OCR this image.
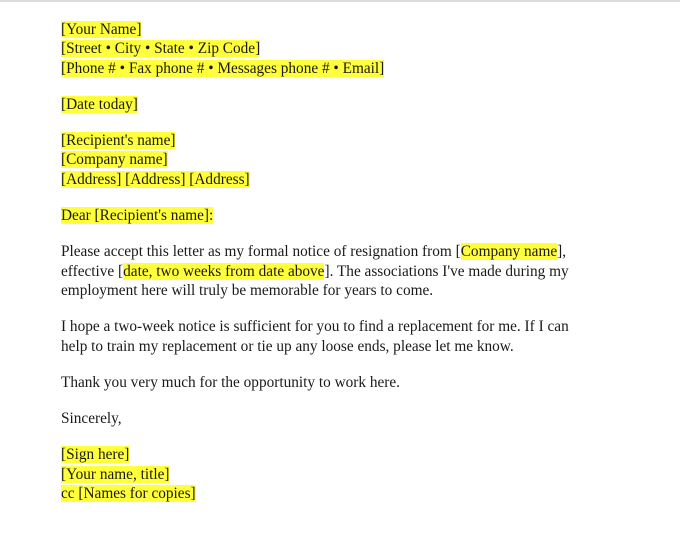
[Your Name]
[Street • City • State • Zip Code]
[Phone # • Fax phone # • Messages phone # • Email]
[Date today]
[Recipient's name]
[Company name]
[Address] [Address] [Address]
Dear [Recipient's name]:
Please accept this letter as my formal notice of resignation from [Company name],
effective [date, two weeks from date above]. The associations I've made during my
employment here will truly be memorable for years to come.
I hope a two-week notice is sufficient for you to find a replacement for me. If I can
help to train my replacement or tie up any loose ends, please let me know.
Thank you very much for the opportunity to work here.
Sincerely,
[Sign here]
[Your name, title]
cc [Names for copies]
